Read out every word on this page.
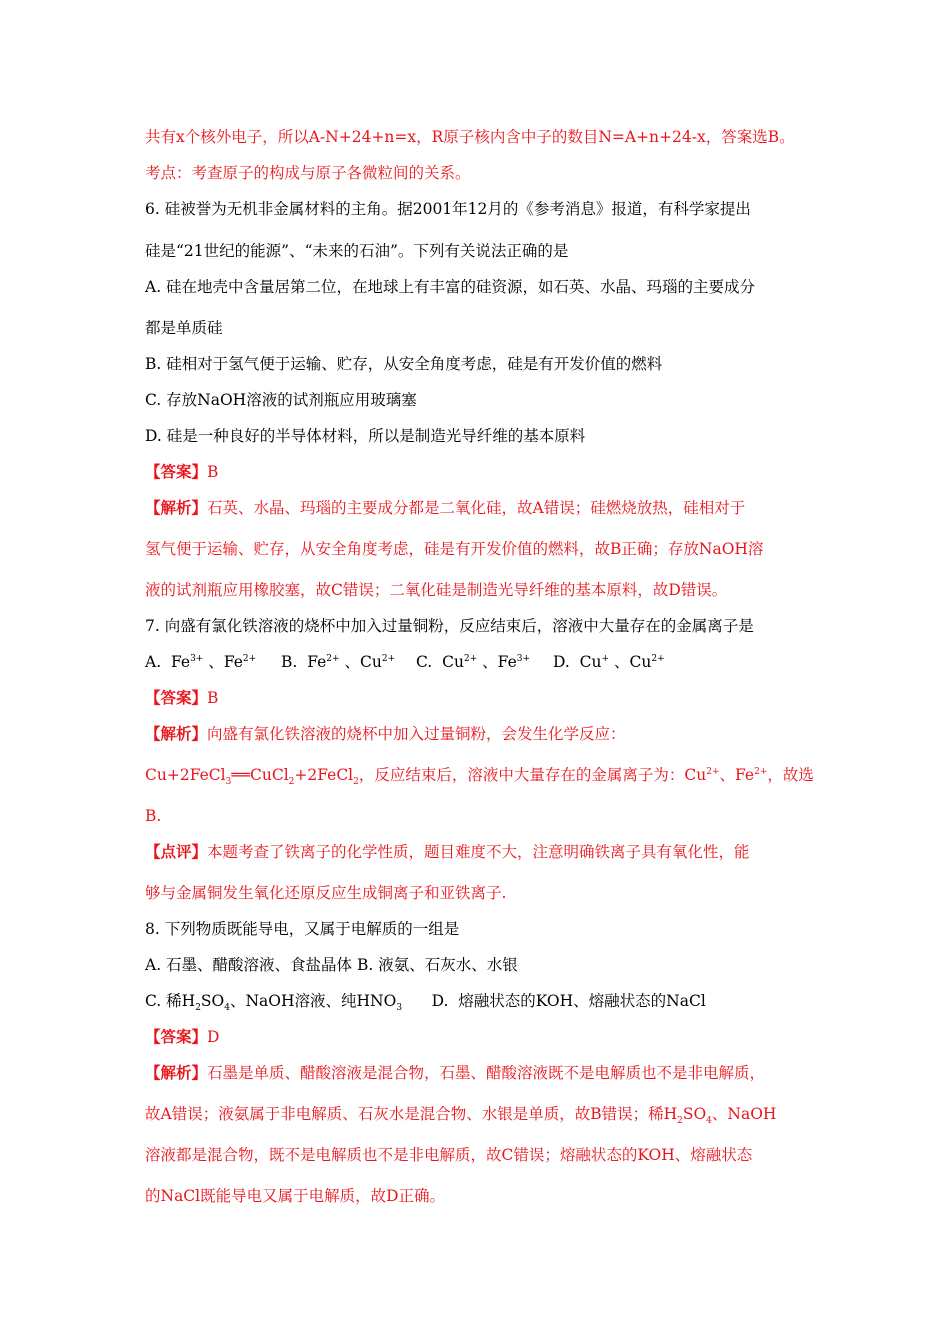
共有x个核外电子，所以A-N+24+n=x，R原子核内含中子的数目N=A+n+24-x，答案选B。
考点：考查原子的构成与原子各微粒间的关系。
6. 硅被誉为无机非金属材料的主角。据2001年12月的《参考消息》报道，有科学家提出
硅是“21世纪的能源”、“未来的石油”。下列有关说法正确的是
A. 硅在地壳中含量居第二位，在地球上有丰富的硅资源，如石英、水晶、玛瑙的主要成分
都是单质硅
B. 硅相对于氢气便于运输、贮存，从安全角度考虑，硅是有开发价值的燃料
C. 存放NaOH溶液的试剂瓶应用玻璃塞
D. 硅是一种良好的半导体材料，所以是制造光导纤维的基本原料
【答案】B
【解析】石英、水晶、玛瑙的主要成分都是二氧化硅，故A错误；硅燃烧放热，硅相对于
氢气便于运输、贮存，从安全角度考虑，硅是有开发价值的燃料，故B正确；存放NaOH溶
液的试剂瓶应用橡胶塞，故C错误；二氧化硅是制造光导纤维的基本原料，故D错误。
7. 向盛有氯化铁溶液的烧杯中加入过量铜粉，反应结束后，溶液中大量存在的金属离子是
A. $Fe^{3+}$ 、$Fe^{2+}$ B. $Fe^{2+}$ 、$Cu^{2+}$ C. $Cu^{2+}$ 、$Fe^{3+}$ D. Cu+ 、$Cu^{2+}$
【答案】B
【解析】向盛有氯化铁溶液的烧杯中加入过量铜粉，会发生化学反应：
Cu+2FeCl$_3$══CuCl$_2$+2FeCl$_2$，反应结束后，溶液中大量存在的金属离子为：$Cu^{2+}$、$Fe^{2+}$，故选
B.
【点评】本题考查了铁离子的化学性质，题目难度不大，注意明确铁离子具有氧化性，能
够与金属铜发生氧化还原反应生成铜离子和亚铁离子.
8. 下列物质既能导电，又属于电解质的一组是
A. 石墨、醋酸溶液、食盐晶体 B. 液氨、石灰水、水银
C. 稀$H_2SO_4$、NaOH溶液、纯$HNO_3$      D.  熔融状态的KOH、熔融状态的NaCl
【答案】D
【解析】石墨是单质、醋酸溶液是混合物，石墨、醋酸溶液既不是电解质也不是非电解质，
故A错误；液氨属于非电解质、石灰水是混合物、水银是单质，故B错误；稀$H_2SO_4$、NaOH
溶液都是混合物，既不是电解质也不是非电解质，故C错误；熔融状态的KOH、熔融状态
的NaCl既能导电又属于电解质，故D正确。
